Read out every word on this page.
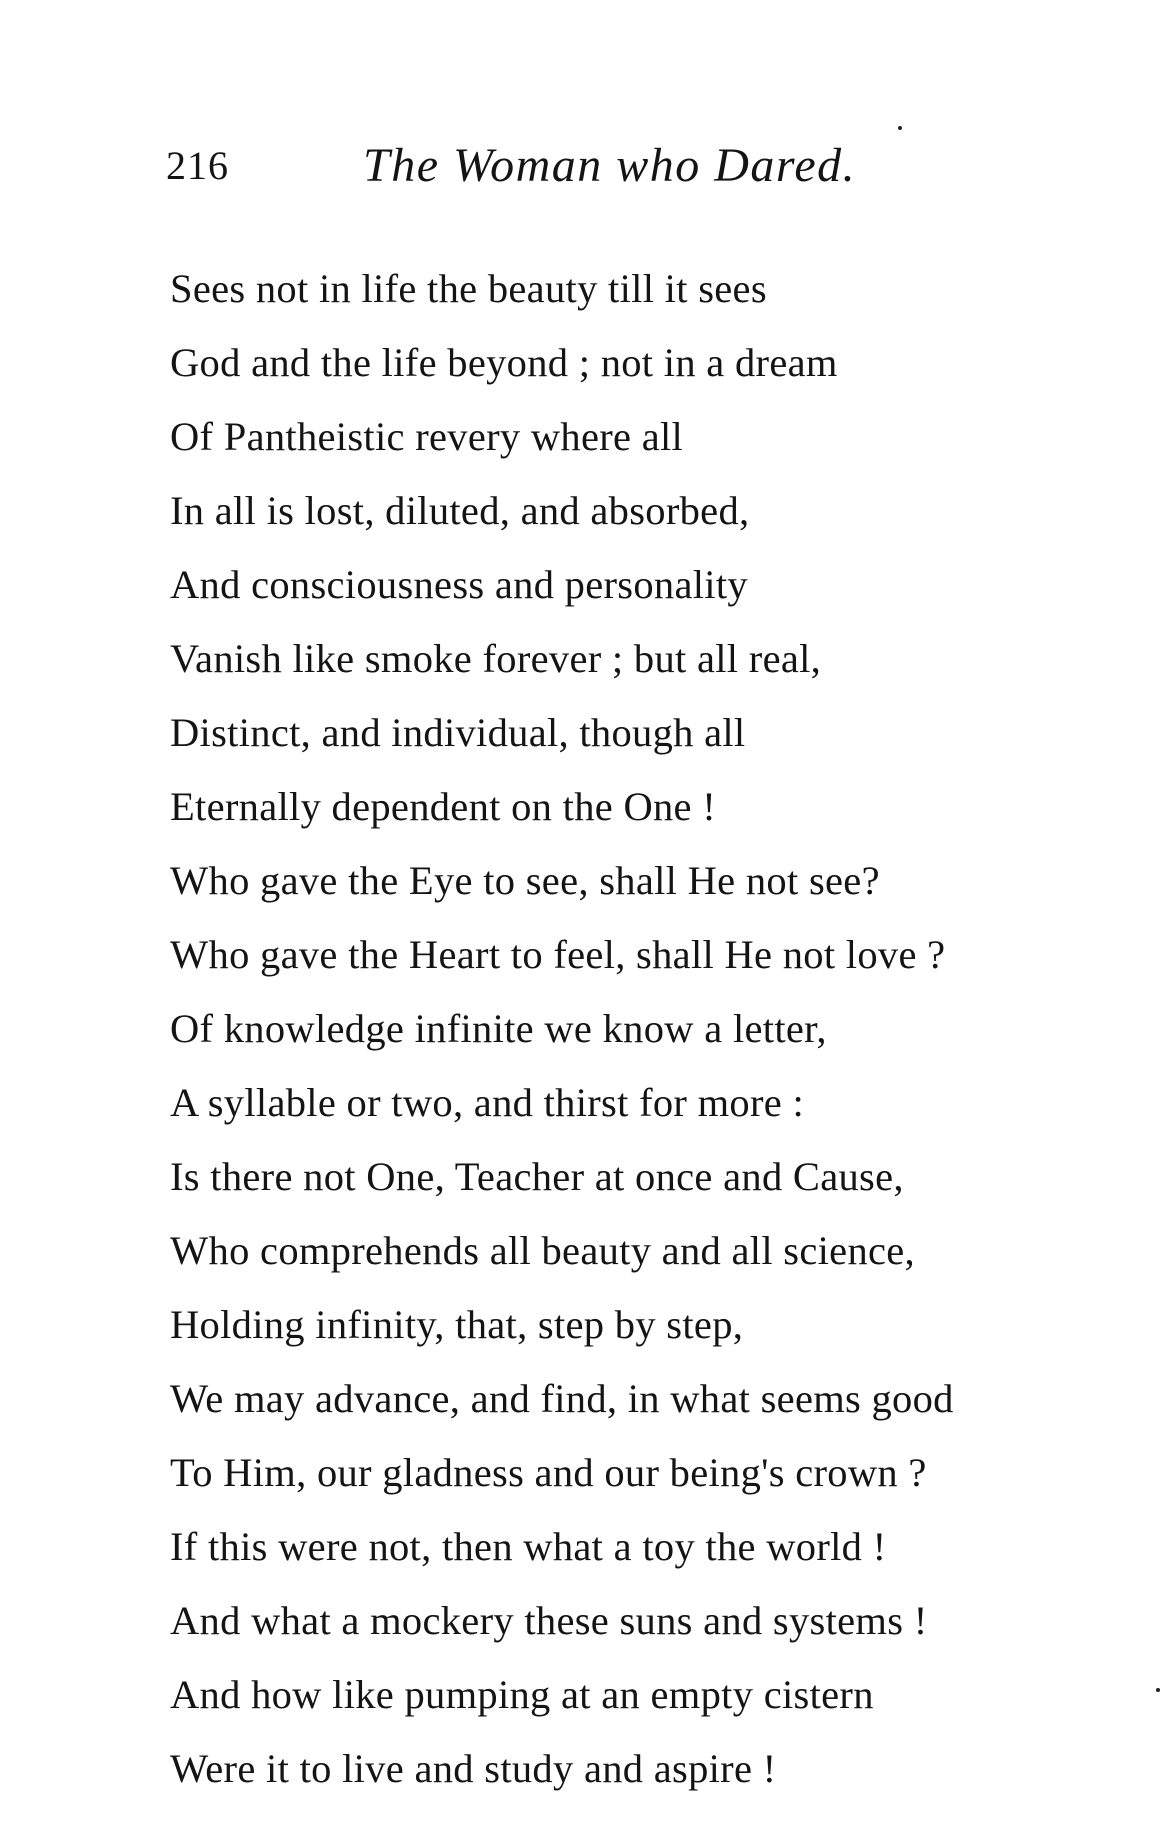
216	The Woman who Dared.
Sees not in life the beauty till it sees
God and the life beyond ; not in a dream
Of Pantheistic revery where all
In all is lost, diluted, and absorbed,
And consciousness and personality
Vanish like smoke forever ; but all real,
Distinct, and individual, though all
Eternally dependent on the One !
Who gave the Eye to see, shall He not see?
Who gave the Heart to feel, shall He not love ?
Of knowledge infinite we know a letter,
A syllable or two, and thirst for more :
Is there not One, Teacher at once and Cause,
Who comprehends all beauty and all science,
Holding infinity, that, step by step,
We may advance, and find, in what seems good
To Him, our gladness and our being's crown ?
If this were not, then what a toy the world !
And what a mockery these suns and systems !
And how like pumping at an empty cistern
Were it to live and study and aspire !
